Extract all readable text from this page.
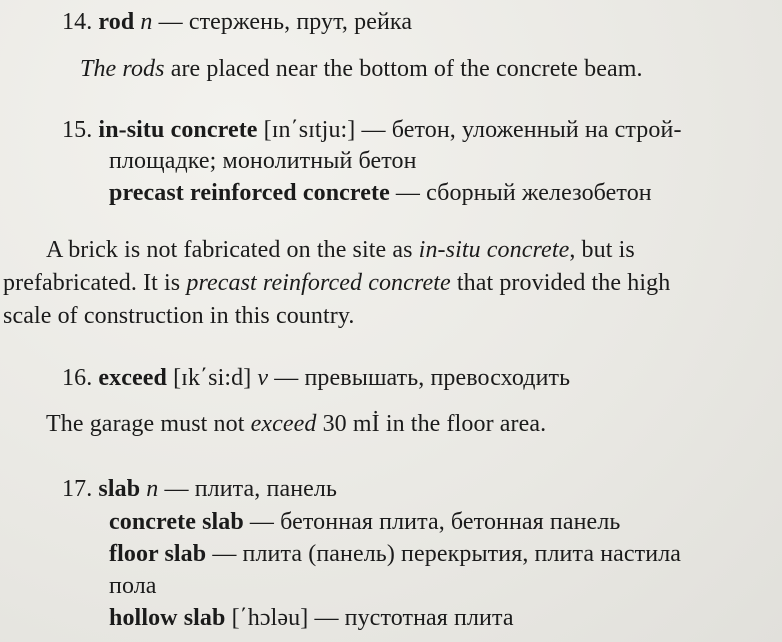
14. rod n — стержень, прут, рейка
The rods are placed near the bottom of the concrete beam.
15. in-situ concrete [ɪn΄sɪtju:] — бетон, уложенный на строй-
площадке; монолитный бетон
precast reinforced concrete — сборный железобетон
A brick is not fabricated on the site as in-situ concrete, but is
prefabricated. It is precast reinforced concrete that provided the high
scale of construction in this country.
16. exceed [ɪk΄si:d] v — превышать, превосходить
The garage must not exceed 30 mİ in the floor area.
17. slab n — плита, панель
concrete slab — бетонная плита, бетонная панель
floor slab — плита (панель) перекрытия, плита настила
пола
hollow slab [΄hɔləu] — пустотная плита
